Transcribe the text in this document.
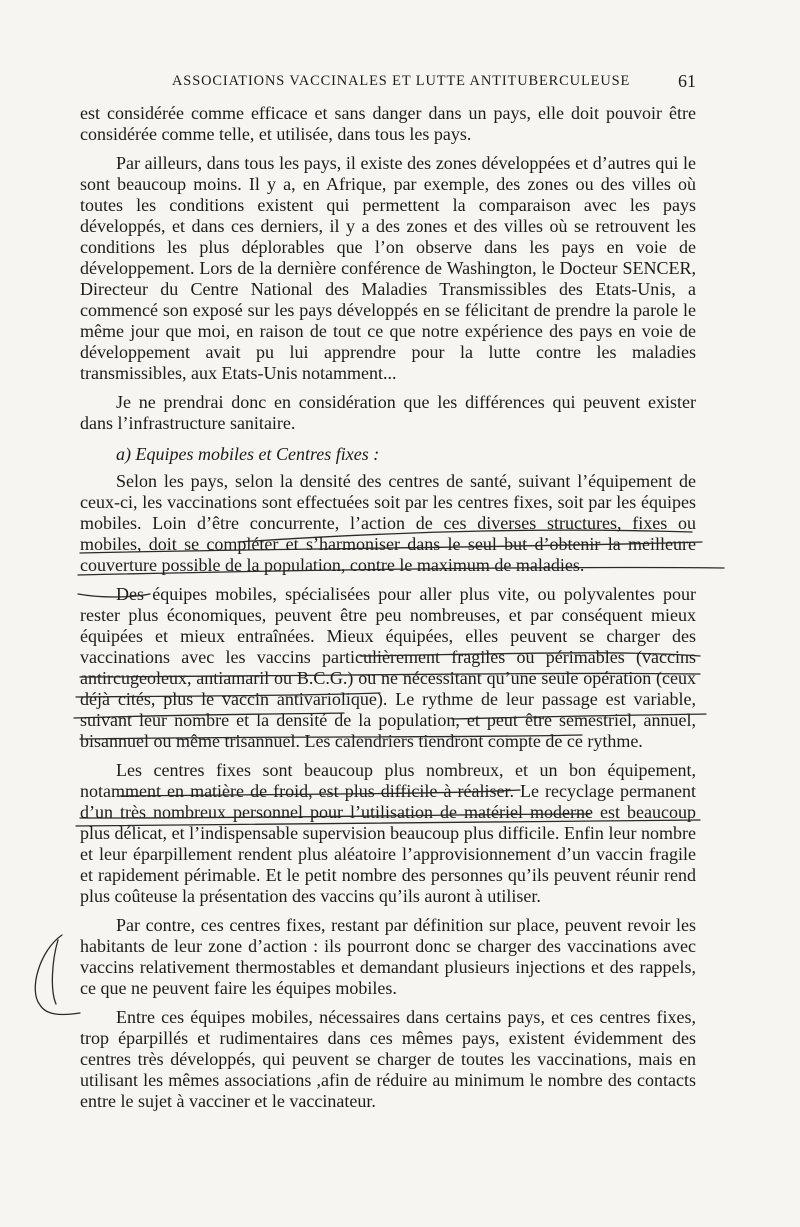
ASSOCIATIONS VACCINALES ET LUTTE ANTITUBERCULEUSE	61

est considérée comme efficace et sans danger dans un pays, elle doit pouvoir être considérée comme telle, et utilisée, dans tous les pays.

Par ailleurs, dans tous les pays, il existe des zones développées et d’autres qui le sont beaucoup moins. Il y a, en Afrique, par exemple, des zones ou des villes où toutes les conditions existent qui permettent la comparaison avec les pays développés, et dans ces derniers, il y a des zones et des villes où se retrouvent les conditions les plus déplorables que l’on observe dans les pays en voie de développement. Lors de la dernière conférence de Washington, le Docteur SENCER, Directeur du Centre National des Maladies Transmissibles des Etats-Unis, a commencé son exposé sur les pays développés en se félicitant de prendre la parole le même jour que moi, en raison de tout ce que notre expérience des pays en voie de développement avait pu lui apprendre pour la lutte contre les maladies transmissibles, aux Etats-Unis notamment...

Je ne prendrai donc en considération que les différences qui peuvent exister dans l’infrastructure sanitaire.

a) Equipes mobiles et Centres fixes :

Selon les pays, selon la densité des centres de santé, suivant l’équipement de ceux-ci, les vaccinations sont effectuées soit par les centres fixes, soit par les équipes mobiles. Loin d’être concurrente, l’action de ces diverses structures, fixes ou mobiles, doit se compléter et s’harmoniser dans le seul but d’obtenir la meilleure couverture possible de la population, contre le maximum de maladies.

Des équipes mobiles, spécialisées pour aller plus vite, ou polyvalentes pour rester plus économiques, peuvent être peu nombreuses, et par conséquent mieux équipées et mieux entraînées. Mieux équipées, elles peuvent se charger des vaccinations avec les vaccins particulièrement fragiles ou périmables (vaccins antircugeoleux, antiamaril ou B.C.G.) ou ne nécessitant qu’une seule opération (ceux déjà cités, plus le vaccin antivariolique). Le rythme de leur passage est variable, suivant leur nombre et la densité de la population, et peut être semestriel, annuel, bisannuel ou même trisannuel. Les calendriers tiendront compte de ce rythme.

Les centres fixes sont beaucoup plus nombreux, et un bon équipement, notamment en matière de froid, est plus difficile à réaliser. Le recyclage permanent d’un très nombreux personnel pour l’utilisation de matériel moderne est beaucoup plus délicat, et l’indispensable supervision beaucoup plus difficile. Enfin leur nombre et leur éparpillement rendent plus aléatoire l’approvisionnement d’un vaccin fragile et rapidement périmable. Et le petit nombre des personnes qu’ils peuvent réunir rend plus coûteuse la présentation des vaccins qu’ils auront à utiliser.

Par contre, ces centres fixes, restant par définition sur place, peuvent revoir les habitants de leur zone d’action : ils pourront donc se charger des vaccinations avec vaccins relativement thermostables et demandant plusieurs injections et des rappels, ce que ne peuvent faire les équipes mobiles.

Entre ces équipes mobiles, nécessaires dans certains pays, et ces centres fixes, trop éparpillés et rudimentaires dans ces mêmes pays, existent évidemment des centres très développés, qui peuvent se charger de toutes les vaccinations, mais en utilisant les mêmes associations ,afin de réduire au minimum le nombre des contacts entre le sujet à vacciner et le vaccinateur.
